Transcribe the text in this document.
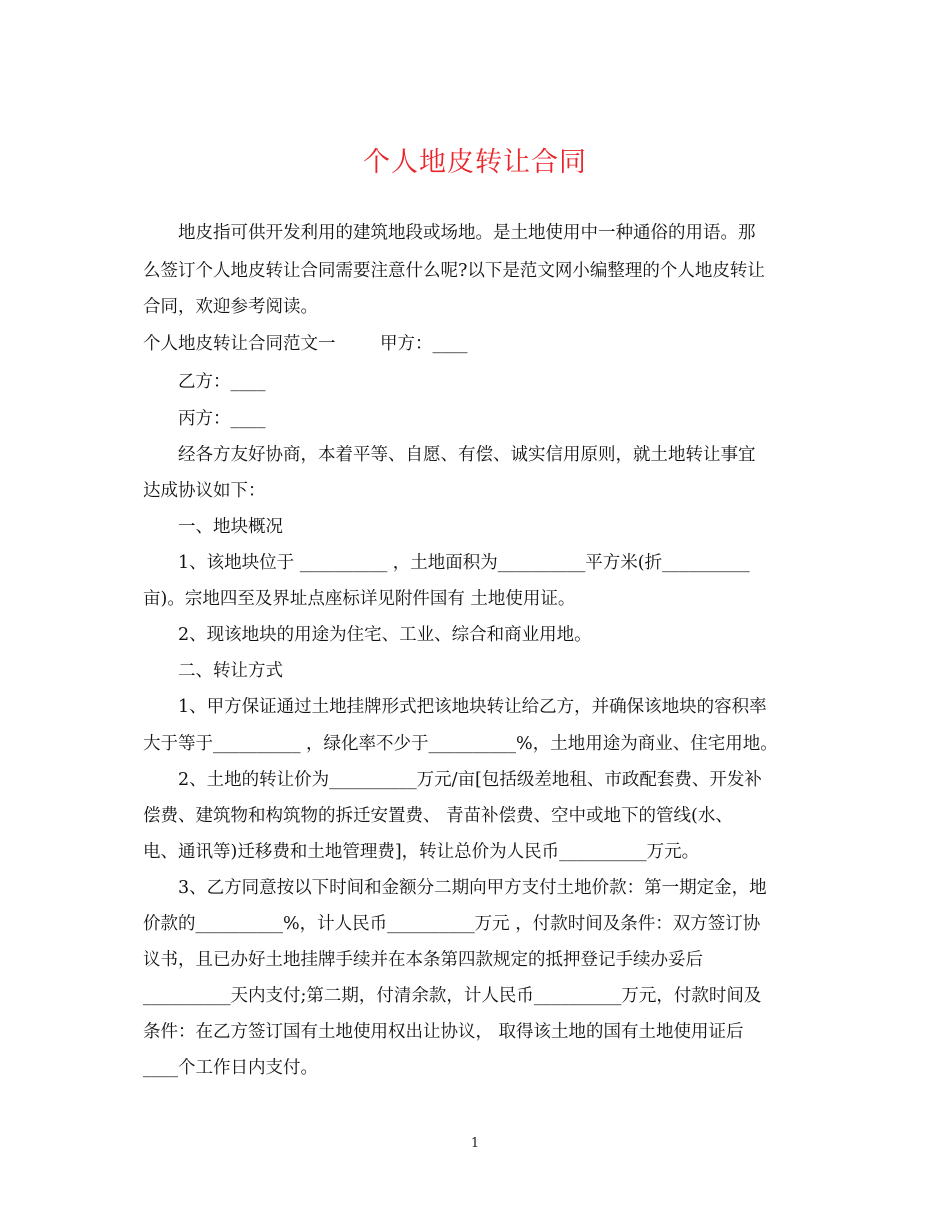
个人地皮转让合同
地皮指可供开发利用的建筑地段或场地。是土地使用中一种通俗的用语。那
么签订个人地皮转让合同需要注意什么呢?以下是范文网小编整理的个人地皮转让
合同，欢迎参考阅读。
个人地皮转让合同范文一        甲方：____
乙方：____
丙方：____
经各方友好协商，本着平等、自愿、有偿、诚实信用原则，就土地转让事宜
达成协议如下：
一、地块概况
1、该地块位于 __________ ，土地面积为__________平方米(折__________
亩)。宗地四至及界址点座标详见附件国有 土地使用证。
2、现该地块的用途为住宅、工业、综合和商业用地。
二、转让方式
1、甲方保证通过土地挂牌形式把该地块转让给乙方，并确保该地块的容积率
大于等于__________ ，绿化率不少于__________%，土地用途为商业、住宅用地。
2、土地的转让价为__________万元/亩[包括级差地租、市政配套费、开发补
偿费、建筑物和构筑物的拆迁安置费、 青苗补偿费、空中或地下的管线(水、
电、通讯等)迁移费和土地管理费]，转让总价为人民币__________万元。
3、乙方同意按以下时间和金额分二期向甲方支付土地价款：第一期定金，地
价款的__________%，计人民币__________万元 ，付款时间及条件：双方签订协
议书，且已办好土地挂牌手续并在本条第四款规定的抵押登记手续办妥后
__________天内支付;第二期，付清余款，计人民币__________万元，付款时间及
条件：在乙方签订国有土地使用权出让协议， 取得该土地的国有土地使用证后
____个工作日内支付。
1
